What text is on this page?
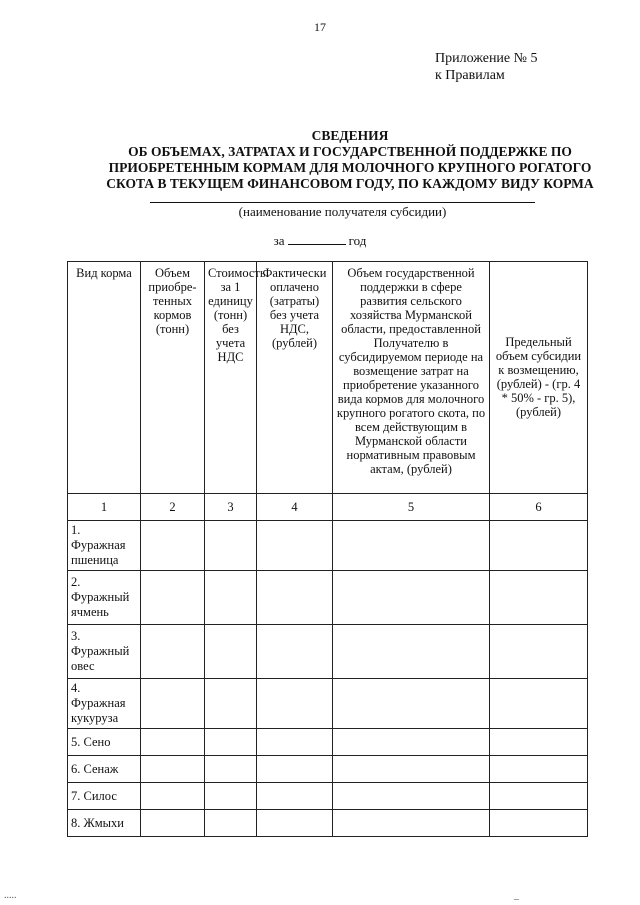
17
Приложение № 5
к Правилам
СВЕДЕНИЯ
ОБ ОБЪЕМАХ, ЗАТРАТАХ И ГОСУДАРСТВЕННОЙ ПОДДЕРЖКЕ ПО
ПРИОБРЕТЕННЫМ КОРМАМ ДЛЯ МОЛОЧНОГО КРУПНОГО РОГАТОГО
СКОТА В ТЕКУЩЕМ ФИНАНСОВОМ ГОДУ, ПО КАЖДОМУ ВИДУ КОРМА
(наименование получателя субсидии)
за	год
Вид корма	Объем приобре-тенных кормов (тонн)	Стоимость за 1 единицу (тонн) без учета НДС	Фактически оплачено (затраты) без учета НДС, (рублей)	Объем государственной поддержки в сфере развития сельского хозяйства Мурманской области, предоставленной Получателю в субсидируемом периоде на возмещение затрат на приобретение указанного вида кормов для молочного крупного рогатого скота, по всем действующим в Мурманской области нормативным правовым актам, (рублей)	Предельный объем субсидии к возмещению, (рублей) - (гр. 4 * 50% - гр. 5), (рублей)
1	2	3	4	5	6
1. Фуражная пшеница					
2. Фуражный ячмень					
3. Фуражный овес					
4. Фуражная кукуруза					
5. Сено					
6. Сенаж					
7. Силос					
8. Жмыхи					
.....	_
